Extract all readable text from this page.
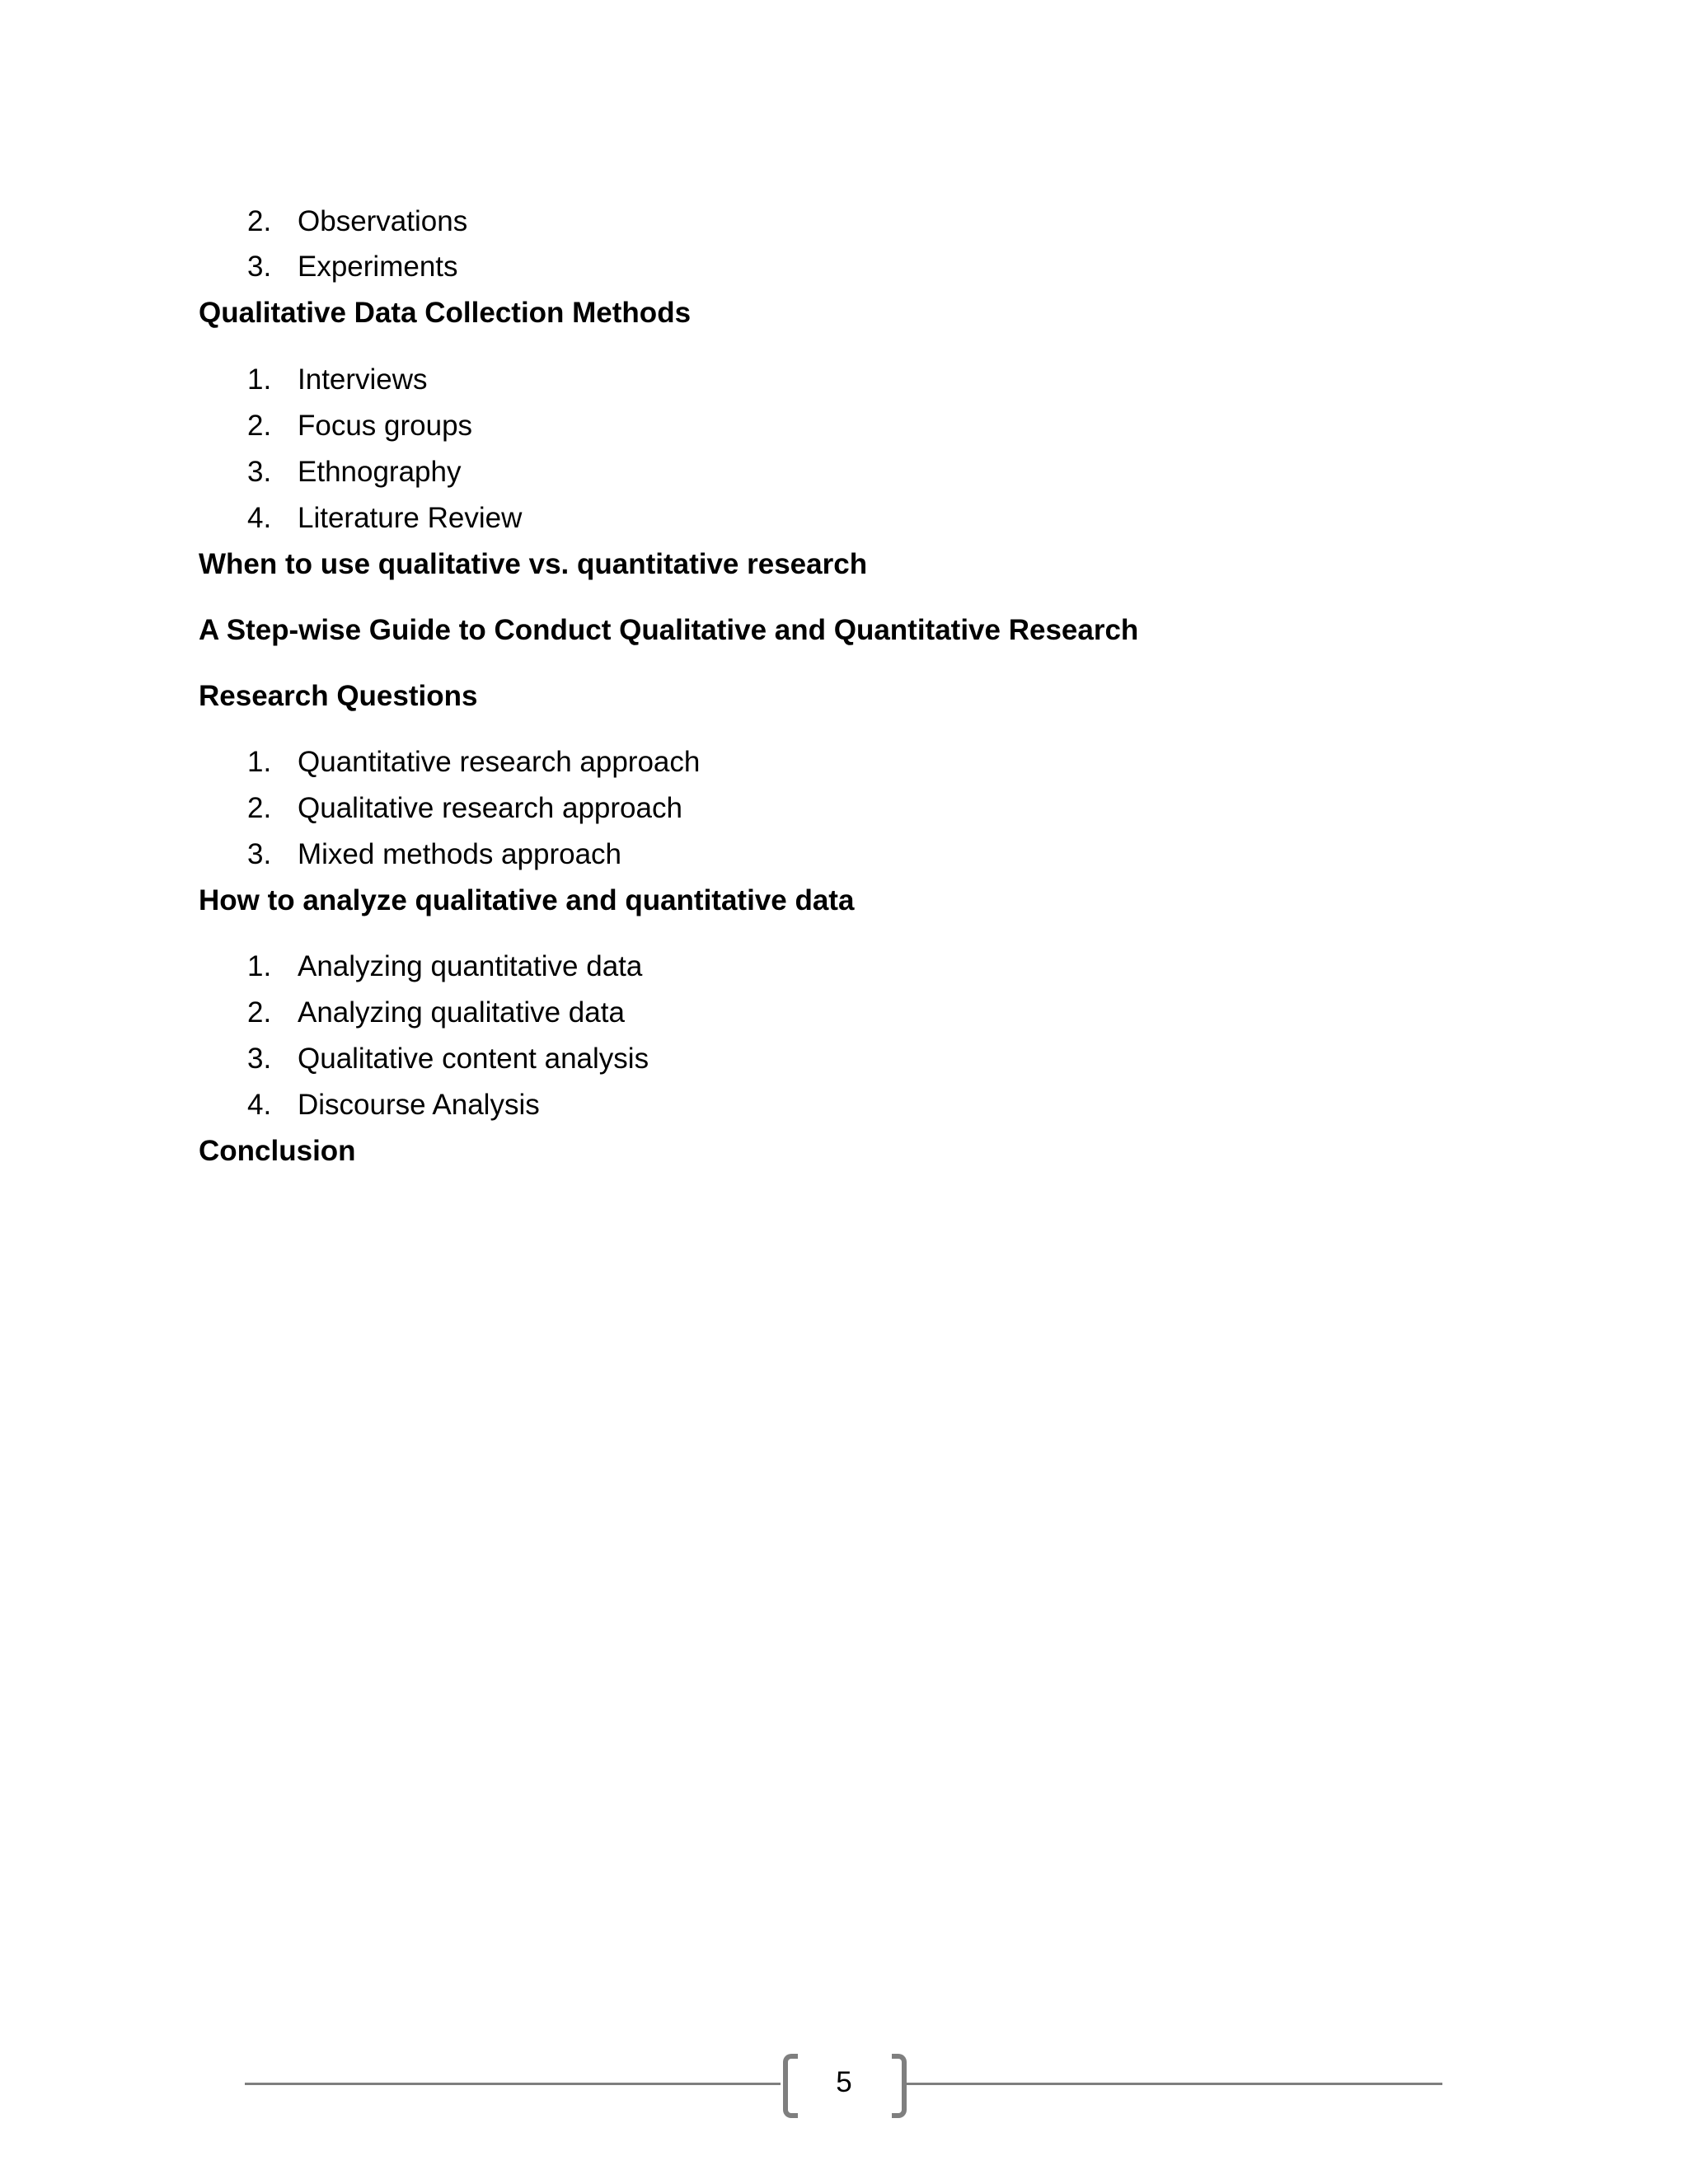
2. Observations
3. Experiments
Qualitative Data Collection Methods
1. Interviews
2. Focus groups
3. Ethnography
4. Literature Review
When to use qualitative vs. quantitative research
A Step-wise Guide to Conduct Qualitative and Quantitative Research
Research Questions
1. Quantitative research approach
2. Qualitative research approach
3. Mixed methods approach
How to analyze qualitative and quantitative data
1. Analyzing quantitative data
2. Analyzing qualitative data
3. Qualitative content analysis
4. Discourse Analysis
Conclusion
5
